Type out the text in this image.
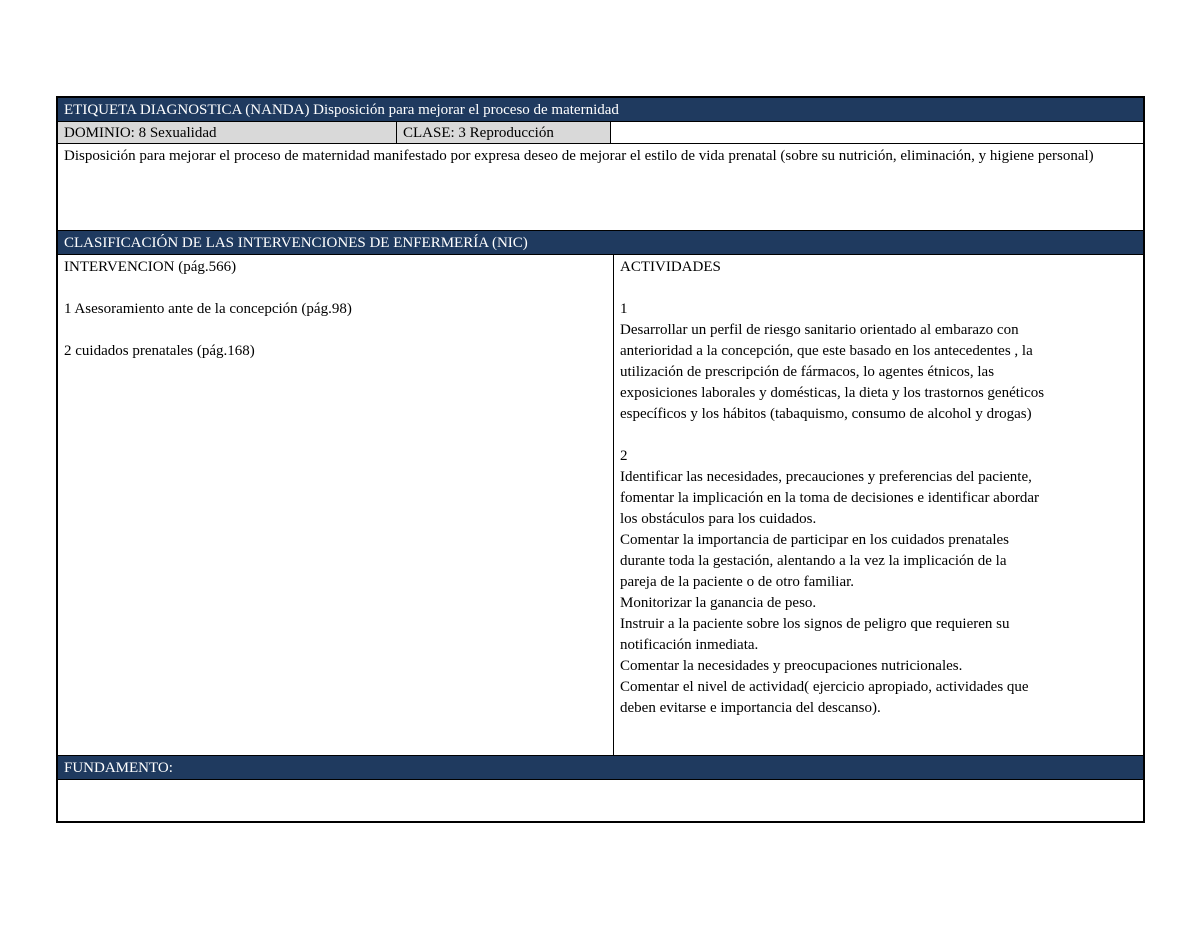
ETIQUETA DIAGNOSTICA (NANDA) Disposición para mejorar el proceso de maternidad
DOMINIO: 8 Sexualidad	CLASE: 3 Reproducción
Disposición para mejorar el proceso de maternidad manifestado por expresa deseo de mejorar el estilo de vida prenatal (sobre su nutrición, eliminación, y higiene personal)
CLASIFICACIÓN DE LAS INTERVENCIONES DE ENFERMERÍA (NIC)
INTERVENCION (pág.566)
1 Asesoramiento ante de la concepción (pág.98)
2 cuidados prenatales (pág.168)
ACTIVIDADES
1
Desarrollar un perfil de riesgo sanitario orientado al embarazo con
anterioridad a la concepción, que este basado en los antecedentes , la
utilización de prescripción de fármacos, lo agentes étnicos, las
exposiciones laborales y domésticas, la dieta y los trastornos genéticos
específicos y los hábitos (tabaquismo, consumo de alcohol y drogas)
2
Identificar las necesidades, precauciones y preferencias del paciente,
fomentar la implicación en la toma de decisiones e identificar abordar
los obstáculos para los cuidados.
Comentar la importancia de participar en los cuidados prenatales
durante toda la gestación, alentando a la vez la implicación de la
pareja de la paciente o de otro familiar.
Monitorizar la ganancia de peso.
Instruir a la paciente sobre los signos de peligro que requieren su
notificación inmediata.
Comentar la necesidades y preocupaciones nutricionales.
Comentar el nivel de actividad( ejercicio apropiado, actividades que
deben evitarse e importancia del descanso).
FUNDAMENTO:
